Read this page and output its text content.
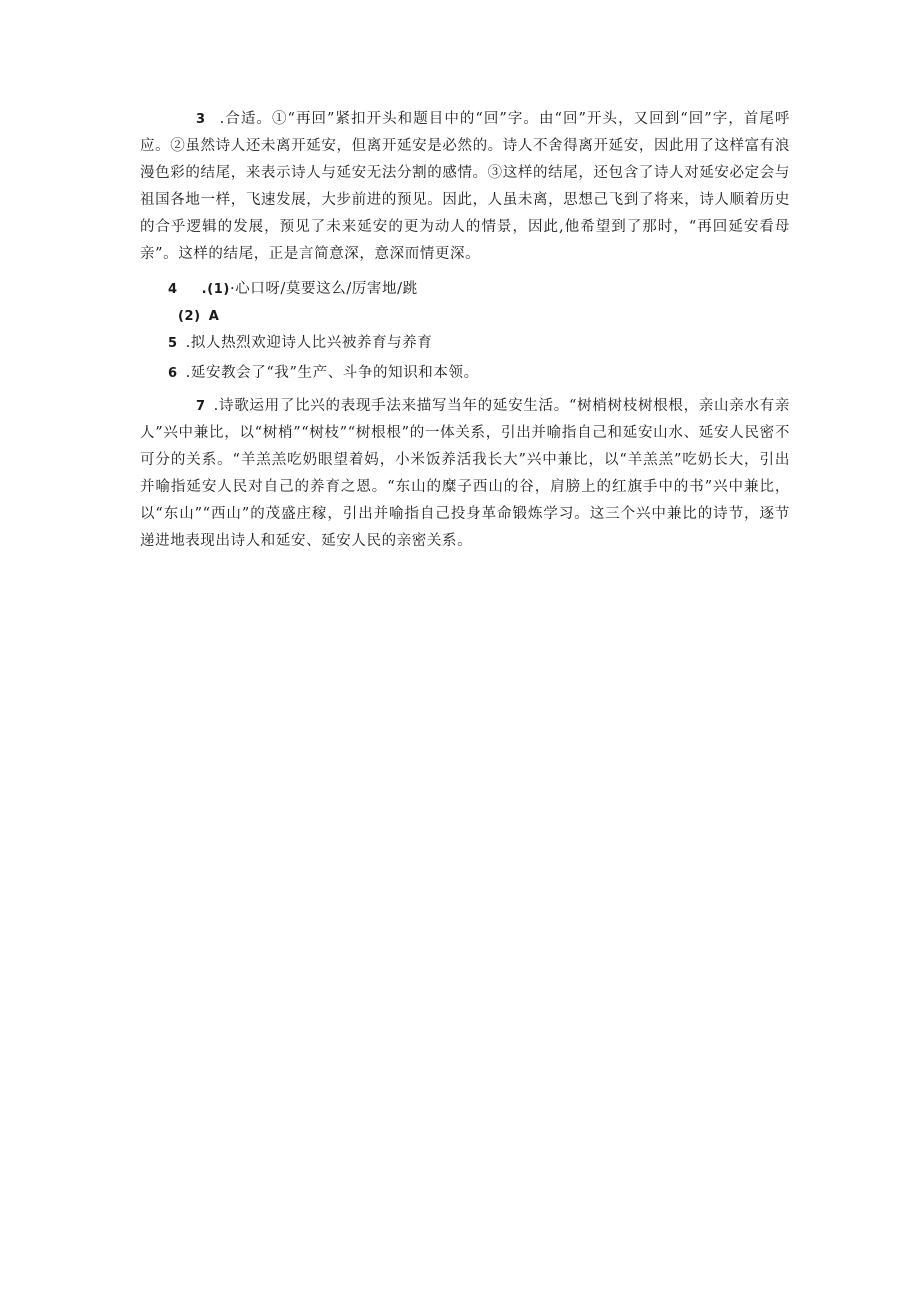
3 .合适。①“再回”紧扣开头和题目中的“回”字。由“回”开头，又回到“回”字，首尾呼应。②虽然诗人还未离开延安，但离开延安是必然的。诗人不舍得离开延安，因此用了这样富有浪漫色彩的结尾，来表示诗人与延安无法分割的感情。③这样的结尾，还包含了诗人对延安必定会与祖国各地一样，飞速发展，大步前进的预见。因此，人虽未离，思想己飞到了将来，诗人顺着历史的合乎逻辑的发展，预见了未来延安的更为动人的情景，因此,他希望到了那时，“再回延安看母亲”。这样的结尾，正是言简意深，意深而情更深。

4 .(1)·心口呀/莫要这么/厉害地/跳

(2) A

5 .拟人热烈欢迎诗人比兴被养育与养育

6 .延安教会了“我”生产、斗争的知识和本领。

7 .诗歌运用了比兴的表现手法来描写当年的延安生活。“树梢树枝树根根，亲山亲水有亲人”兴中兼比，以“树梢”“树枝”“树根根”的一体关系，引出并喻指自己和延安山水、延安人民密不可分的关系。“羊羔羔吃奶眼望着妈，小米饭养活我长大”兴中兼比，以“羊羔羔”吃奶长大，引出并喻指延安人民对自己的养育之恩。“东山的糜子西山的谷，肩膀上的红旗手中的书”兴中兼比，以“东山”“西山”的茂盛庄稼，引出并喻指自己投身革命锻炼学习。这三个兴中兼比的诗节，逐节递进地表现出诗人和延安、延安人民的亲密关系。
